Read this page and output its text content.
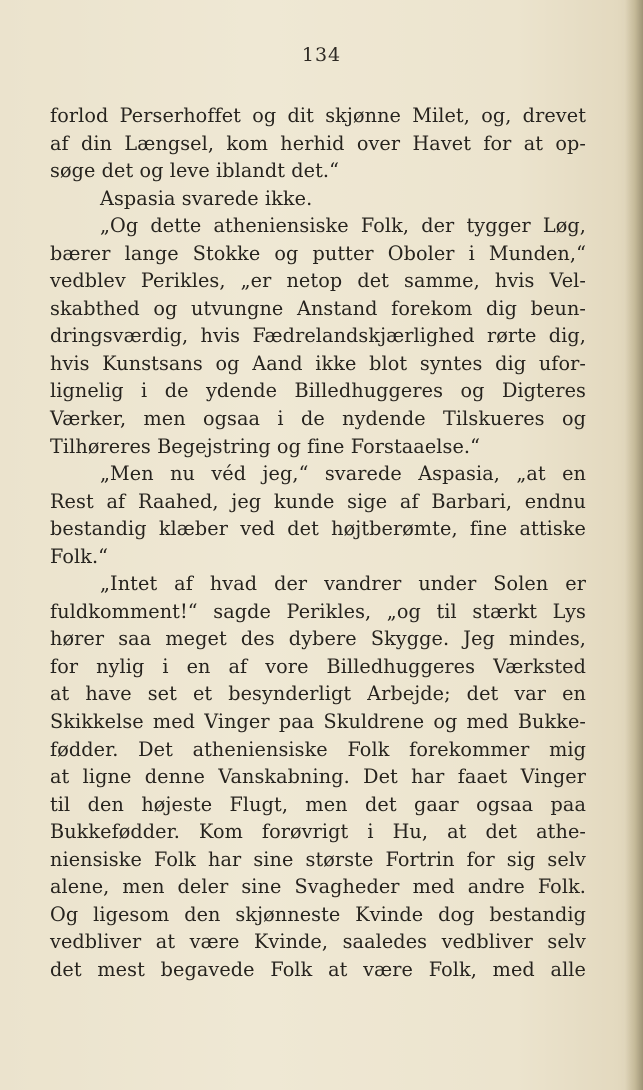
134
forlod Perserhoffet og dit skjønne Milet, og, drevet
af din Længsel, kom herhid over Havet for at op-
søge det og leve iblandt det.“
Aspasia svarede ikke.
„Og dette atheniensiske Folk, der tygger Løg,
bærer lange Stokke og putter Oboler i Munden,“
vedblev Perikles, „er netop det samme, hvis Vel-
skabthed og utvungne Anstand forekom dig beun-
dringsværdig, hvis Fædrelandskjærlighed rørte dig,
hvis Kunstsans og Aand ikke blot syntes dig ufor-
lignelig i de ydende Billedhuggeres og Digteres
Værker, men ogsaa i de nydende Tilskueres og
Tilhøreres Begejstring og fine Forstaaelse.“
„Men nu véd jeg,“ svarede Aspasia, „at en
Rest af Raahed, jeg kunde sige af Barbari, endnu
bestandig klæber ved det højtberømte, fine attiske
Folk.“
„Intet af hvad der vandrer under Solen er
fuldkomment!“ sagde Perikles, „og til stærkt Lys
hører saa meget des dybere Skygge. Jeg mindes,
for nylig i en af vore Billedhuggeres Værksted
at have set et besynderligt Arbejde; det var en
Skikkelse med Vinger paa Skuldrene og med Bukke-
fødder. Det atheniensiske Folk forekommer mig
at ligne denne Vanskabning. Det har faaet Vinger
til den højeste Flugt, men det gaar ogsaa paa
Bukkefødder. Kom forøvrigt i Hu, at det athe-
niensiske Folk har sine største Fortrin for sig selv
alene, men deler sine Svagheder med andre Folk.
Og ligesom den skjønneste Kvinde dog bestandig
vedbliver at være Kvinde, saaledes vedbliver selv
det mest begavede Folk at være Folk, med alle
